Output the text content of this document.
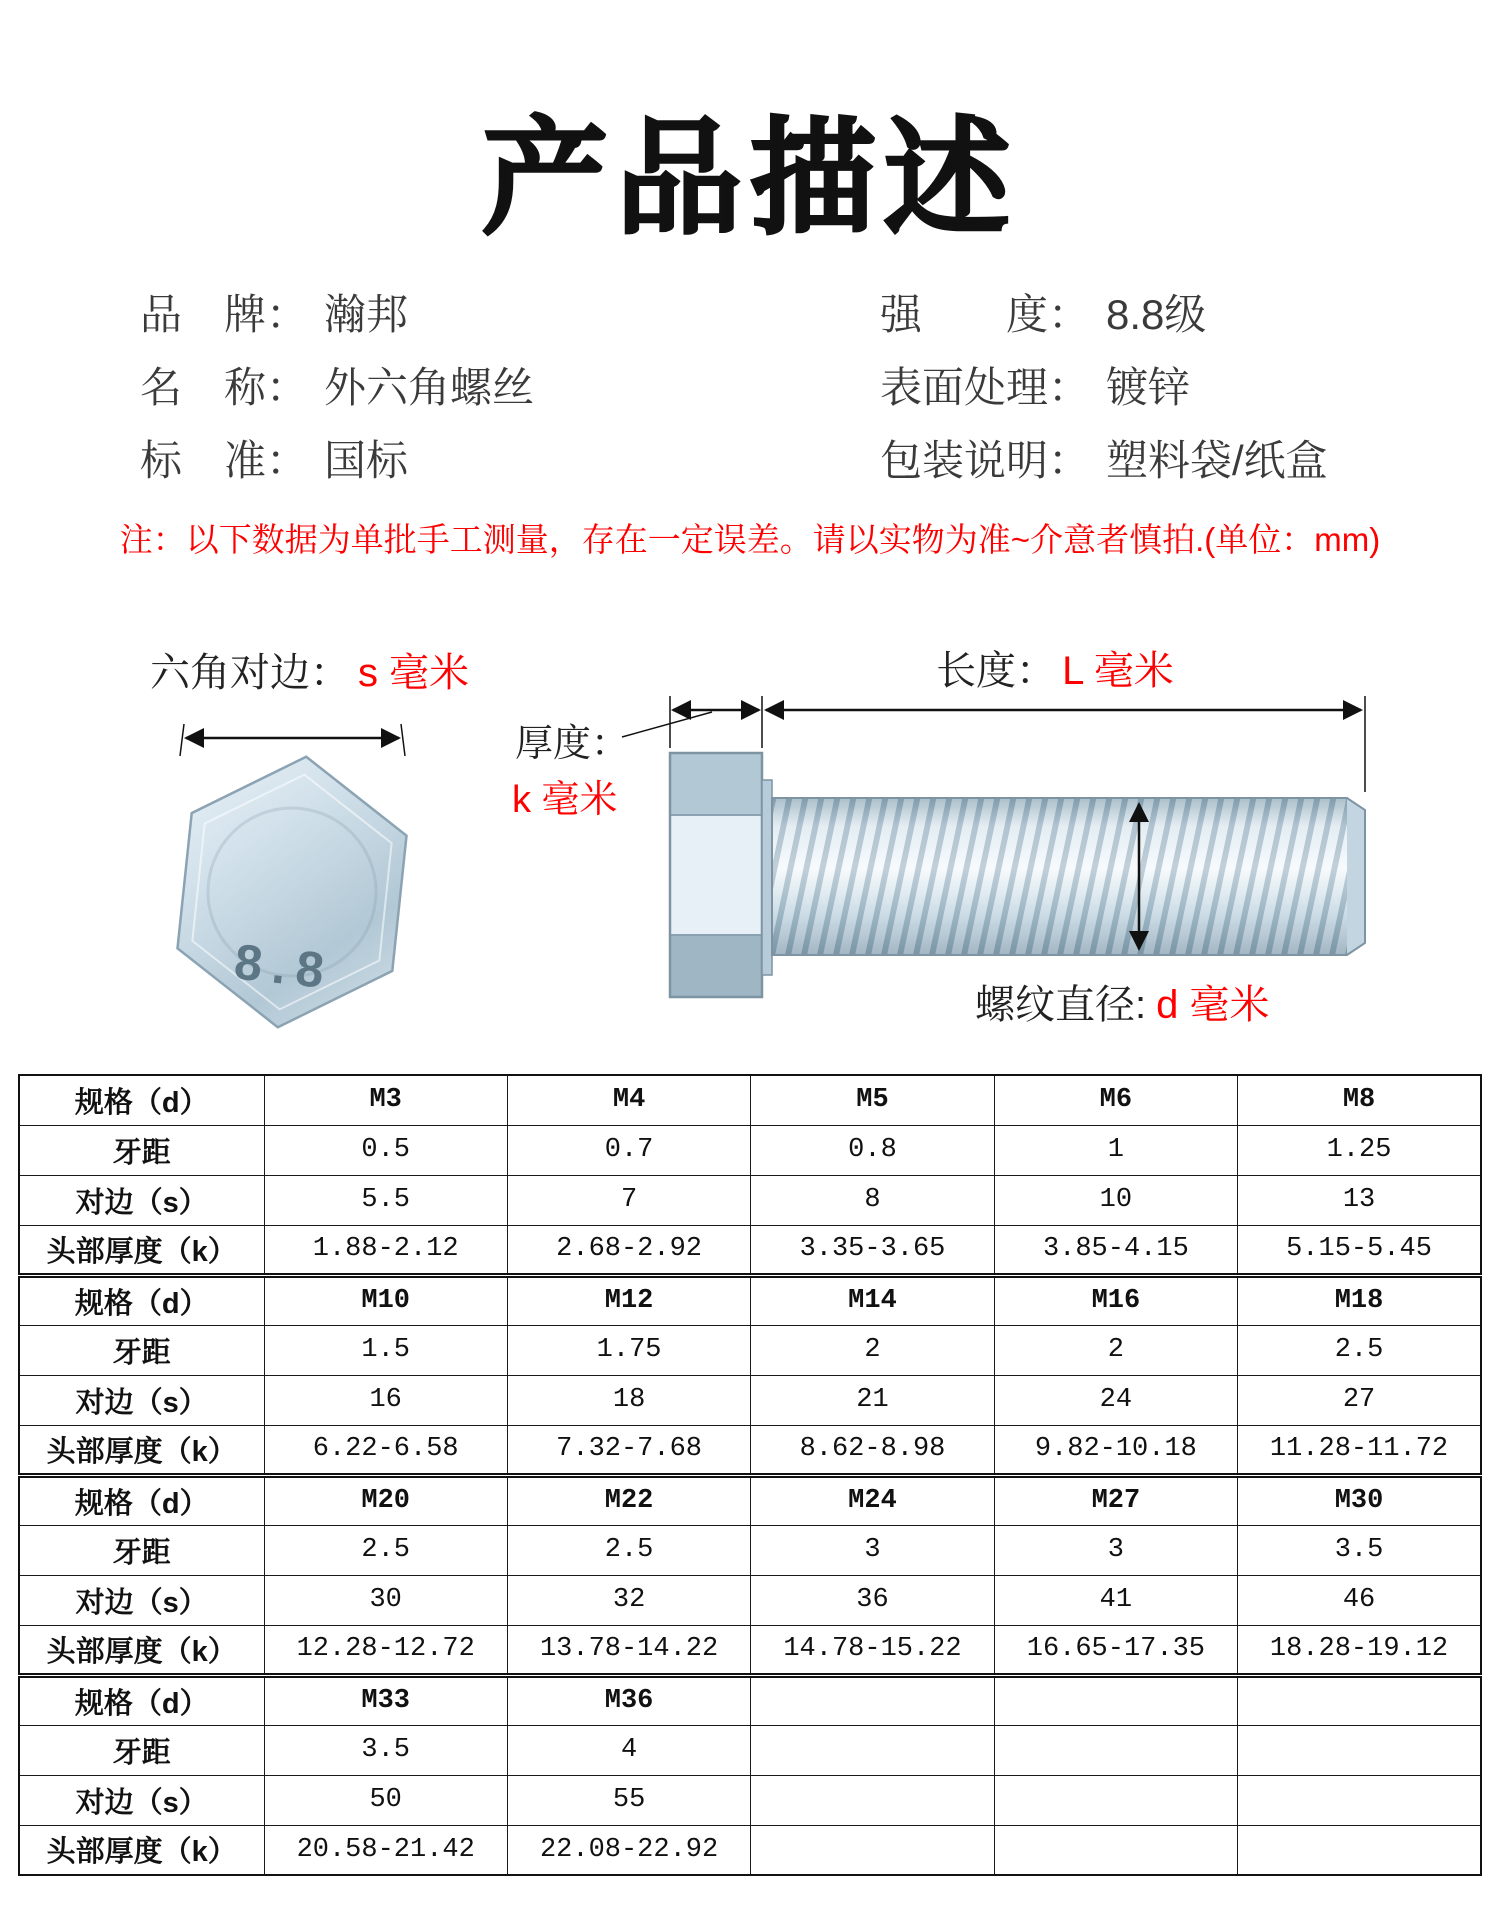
产品描述
品　牌： 瀚邦
名　称： 外六角螺丝
标　准： 国标
强　　度： 8.8级
表面处理： 镀锌
包装说明： 塑料袋/纸盒
注：以下数据为单批手工测量，存在一定误差。请以实物为准~介意者慎拍.(单位：mm)
8.8
六角对边： s 毫米	长度： L 毫米
厚度：
k 毫米
螺纹直径: d 毫米
规格（d）	M3	M4	M5	M6	M8
牙距	0.5	0.7	0.8	1	1.25
对边（s）	5.5	7	8	10	13
头部厚度（k）	1.88-2.12	2.68-2.92	3.35-3.65	3.85-4.15	5.15-5.45
规格（d）	M10	M12	M14	M16	M18
牙距	1.5	1.75	2	2	2.5
对边（s）	16	18	21	24	27
头部厚度（k）	6.22-6.58	7.32-7.68	8.62-8.98	9.82-10.18	11.28-11.72
规格（d）	M20	M22	M24	M27	M30
牙距	2.5	2.5	3	3	3.5
对边（s）	30	32	36	41	46
头部厚度（k）	12.28-12.72	13.78-14.22	14.78-15.22	16.65-17.35	18.28-19.12
规格（d）	M33	M36			
牙距	3.5	4			
对边（s）	50	55			
头部厚度（k）	20.58-21.42	22.08-22.92			
